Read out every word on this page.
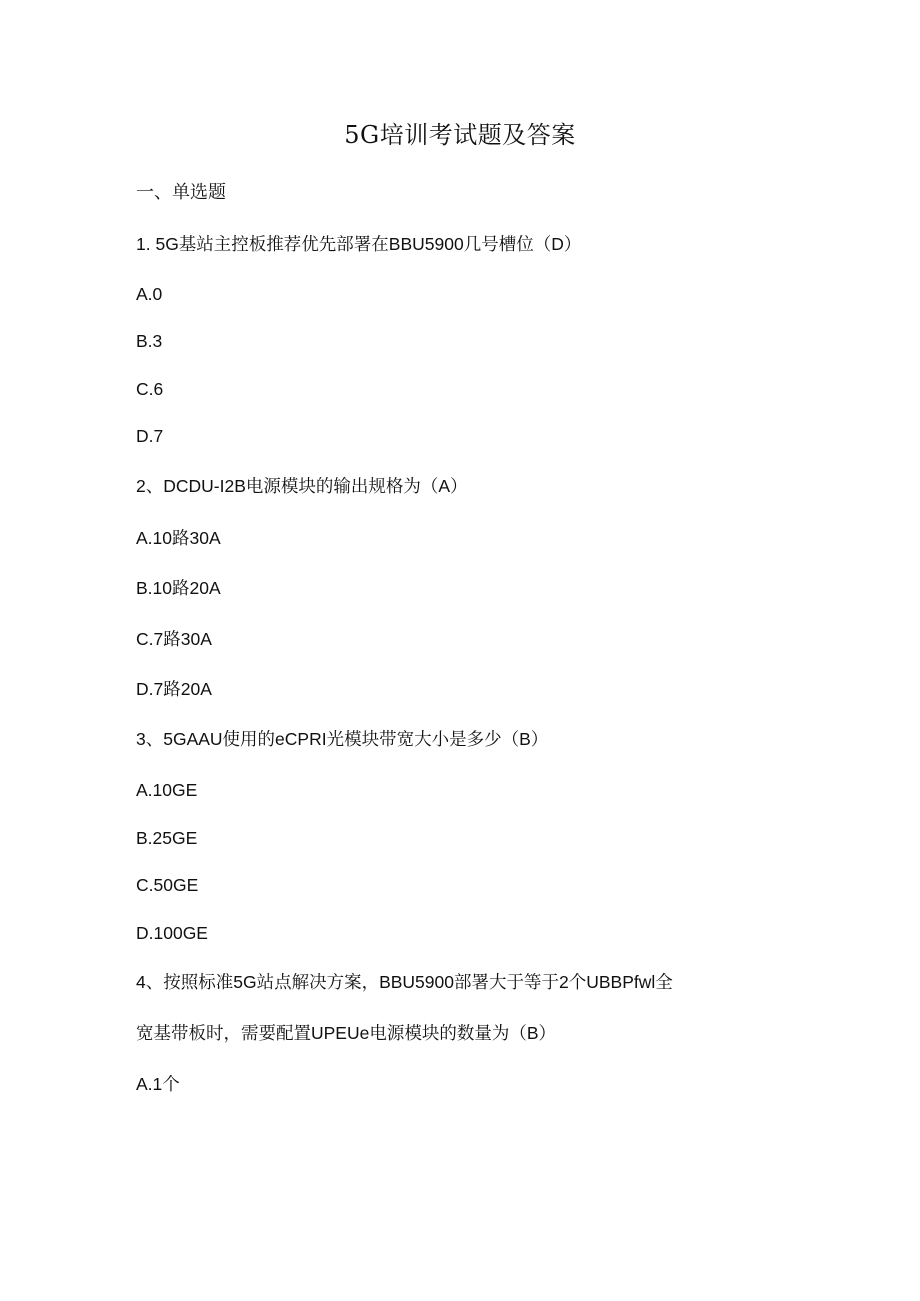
5G培训考试题及答案
一、单选题
1. 5G基站主控板推荐优先部署在BBU5900几号槽位（D）
A.0
B.3
C.6
D.7
2、DCDU-I2B电源模块的输出规格为（A）
A.10路30A
B.10路20A
C.7路30A
D.7路20A
3、5GAAU使用的eCPRI光模块带宽大小是多少（B）
A.10GE
B.25GE
C.50GE
D.100GE
4、按照标准5G站点解决方案，BBU5900部署大于等于2个UBBPfwl全
宽基带板时，需要配置UPEUe电源模块的数量为（B）
A.1个
